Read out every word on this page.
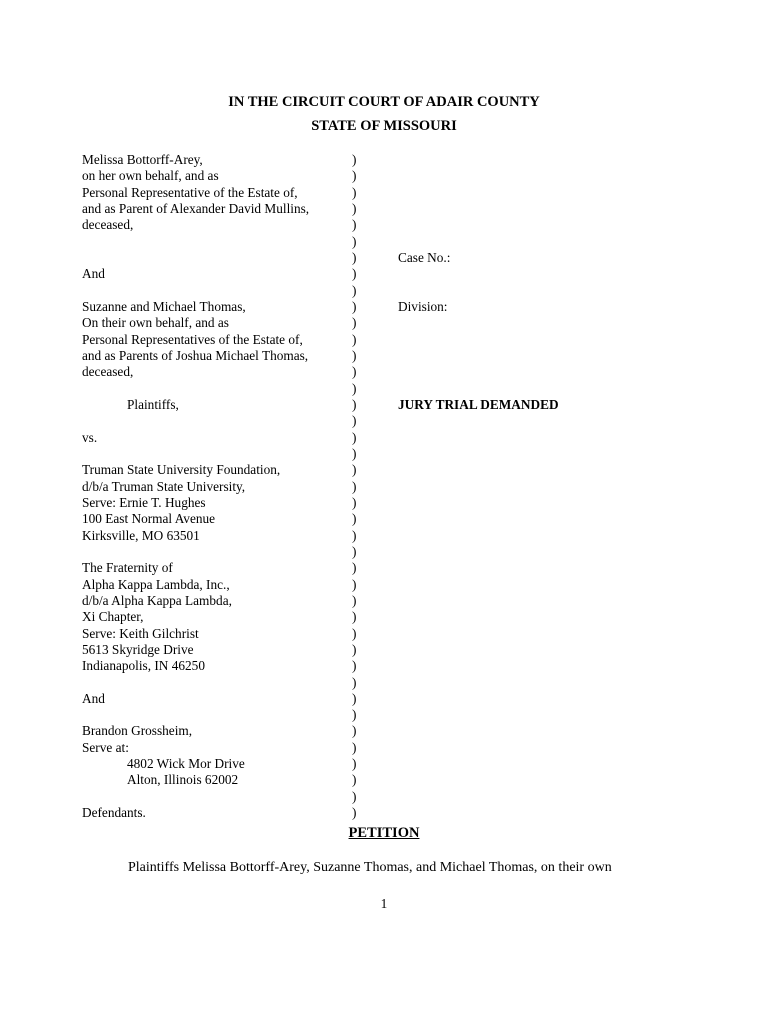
IN THE CIRCUIT COURT OF ADAIR COUNTY
STATE OF MISSOURI
Melissa Bottorff-Arey,	)
on her own behalf, and as	)
Personal Representative of the Estate of,	)
and as Parent of Alexander David Mullins,	)
deceased,	)
)
)	Case No.:
And	)
)
Suzanne and Michael Thomas,	)	Division:
On their own behalf, and as	)
Personal Representatives of the Estate of,	)
and as Parents of Joshua Michael Thomas,	)
deceased,	)
)
Plaintiffs,	)	JURY TRIAL DEMANDED
)
vs.	)
)
Truman State University Foundation,	)
d/b/a Truman State University,	)
Serve: Ernie T. Hughes	)
100 East Normal Avenue	)
Kirksville, MO 63501	)
)
The Fraternity of	)
Alpha Kappa Lambda, Inc.,	)
d/b/a Alpha Kappa Lambda,	)
Xi Chapter,	)
Serve: Keith Gilchrist	)
5613 Skyridge Drive	)
Indianapolis, IN 46250	)
)
And	)
)
Brandon Grossheim,	)
Serve at:	)
4802 Wick Mor Drive	)
Alton, Illinois 62002	)
)
Defendants.	)
PETITION
Plaintiffs Melissa Bottorff-Arey, Suzanne Thomas, and Michael Thomas, on their own
1
